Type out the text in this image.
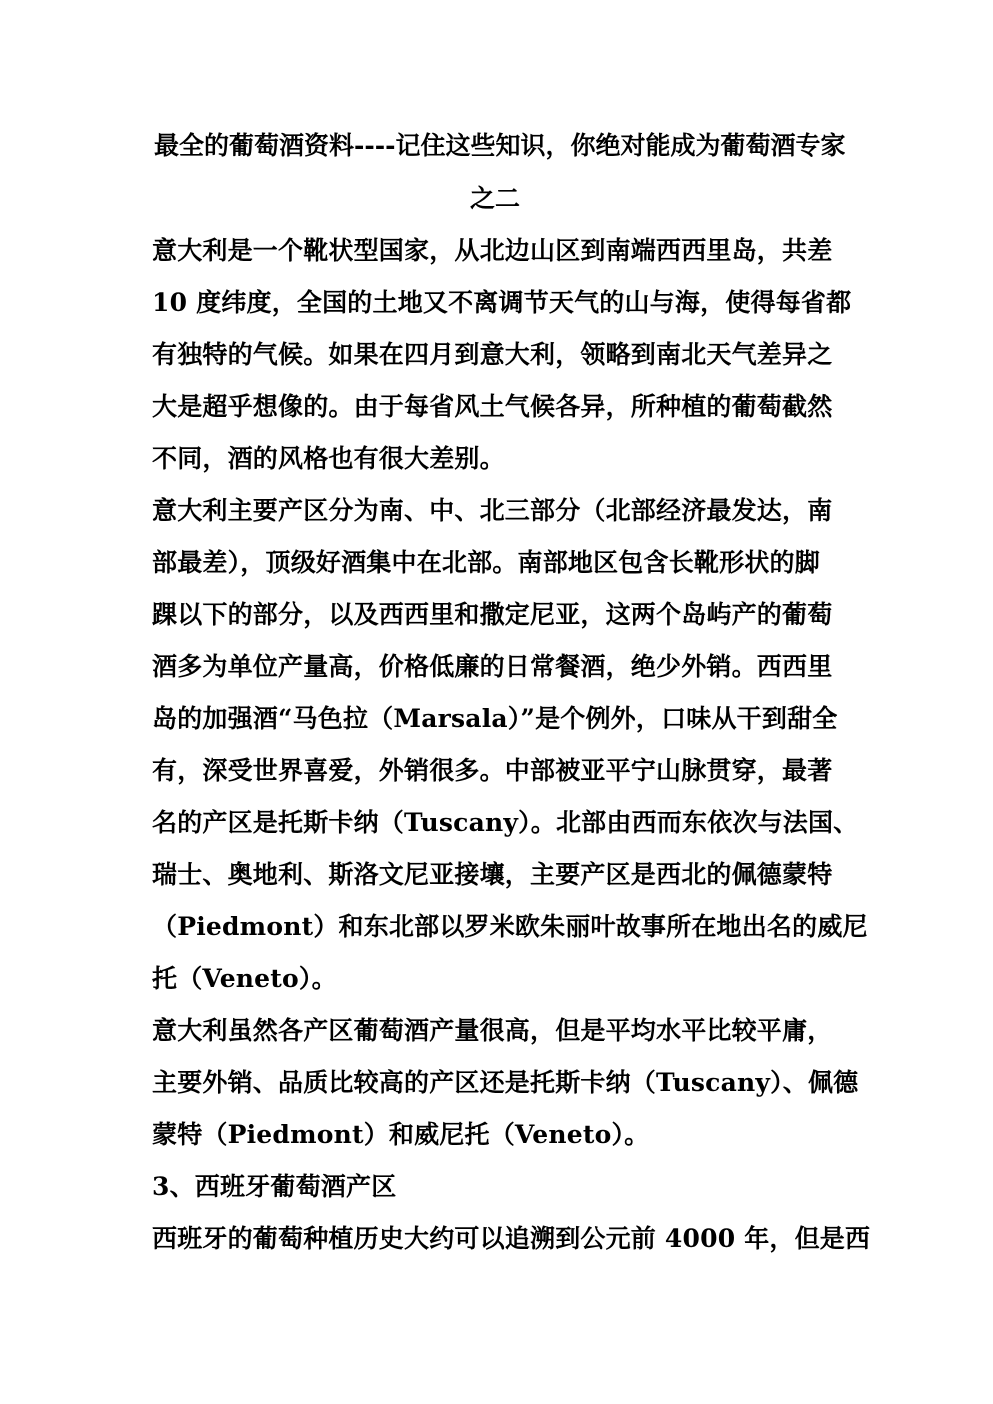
最全的葡萄酒资料----记住这些知识，你绝对能成为葡萄酒专家
之二
意大利是一个靴状型国家，从北边山区到南端西西里岛，共差
10 度纬度，全国的土地又不离调节天气的山与海，使得每省都
有独特的气候。如果在四月到意大利，领略到南北天气差异之
大是超乎想像的。由于每省风土气候各异，所种植的葡萄截然
不同，酒的风格也有很大差别。
意大利主要产区分为南、中、北三部分（北部经济最发达，南
部最差），顶级好酒集中在北部。南部地区包含长靴形状的脚
踝以下的部分，以及西西里和撒定尼亚，这两个岛屿产的葡萄
酒多为单位产量高，价格低廉的日常餐酒，绝少外销。西西里
岛的加强酒“马色拉（Marsala）”是个例外，口味从干到甜全
有，深受世界喜爱，外销很多。中部被亚平宁山脉贯穿，最著
名的产区是托斯卡纳（Tuscany）。北部由西而东依次与法国、
瑞士、奥地利、斯洛文尼亚接壤，主要产区是西北的佩德蒙特
（Piedmont）和东北部以罗米欧朱丽叶故事所在地出名的威尼
托（Veneto）。
意大利虽然各产区葡萄酒产量很高，但是平均水平比较平庸，
主要外销、品质比较高的产区还是托斯卡纳（Tuscany）、佩德
蒙特（Piedmont）和威尼托（Veneto）。
3、西班牙葡萄酒产区
西班牙的葡萄种植历史大约可以追溯到公元前 4000 年，但是西
